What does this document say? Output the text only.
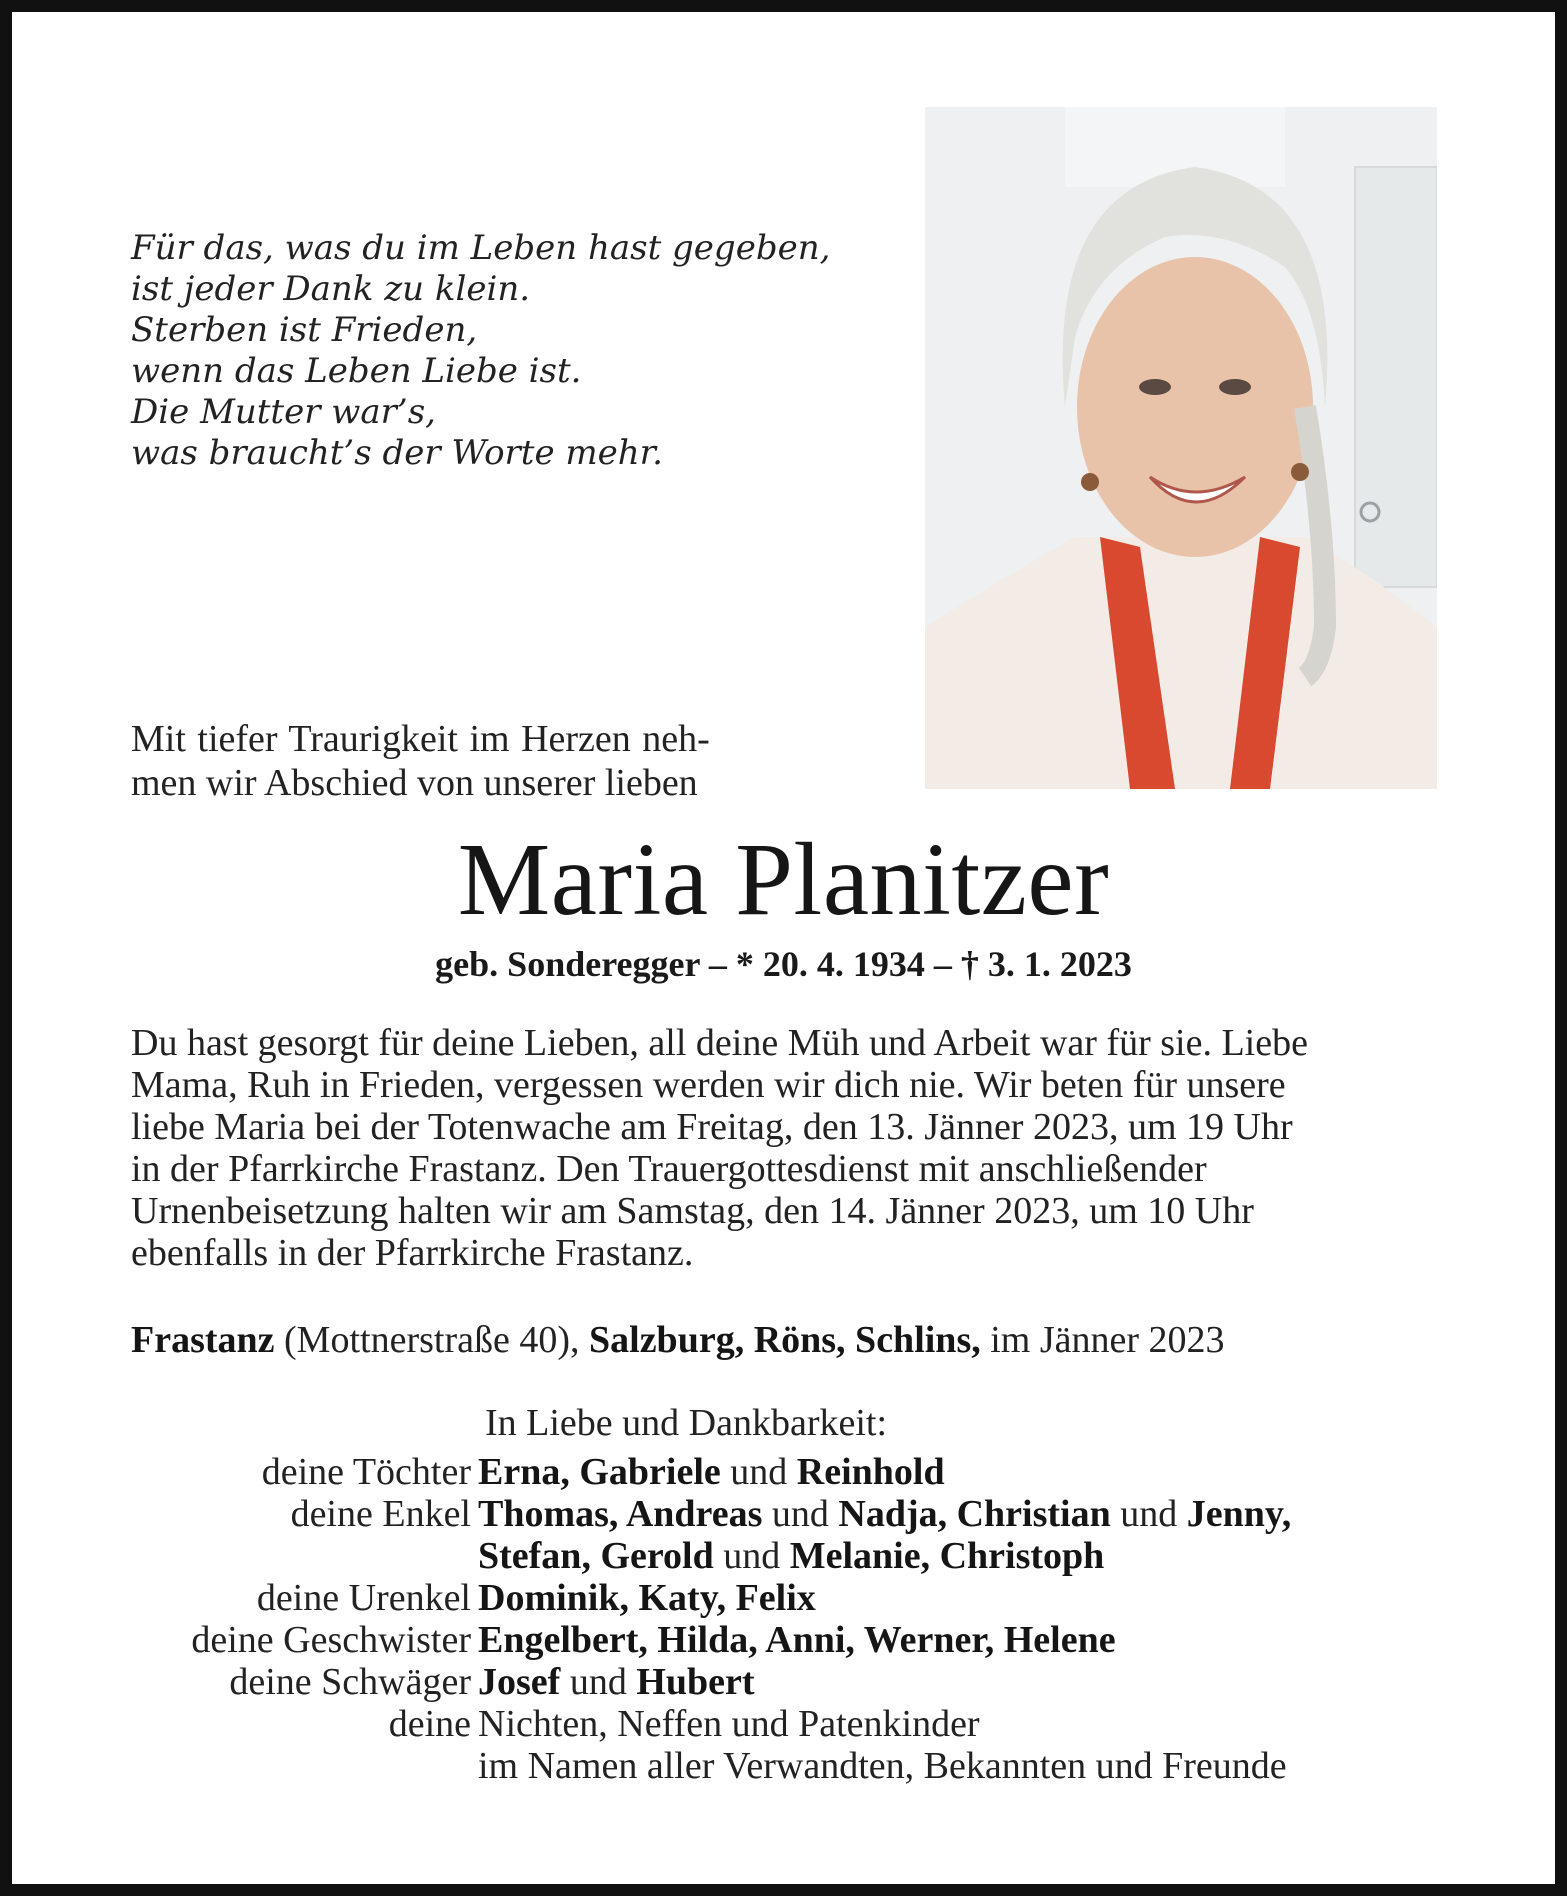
Für das, was du im Leben hast gegeben,
ist jeder Dank zu klein.
Sterben ist Frieden,
wenn das Leben Liebe ist.
Die Mutter war’s,
was braucht’s der Worte mehr.
Mit tiefer Traurigkeit im Herzen neh-
men wir Abschied von unserer lieben
Maria Planitzer
geb. Sonderegger – * 20. 4. 1934 – † 3. 1. 2023
Du hast gesorgt für deine Lieben, all deine Müh und Arbeit war für sie. Liebe
Mama, Ruh in Frieden, vergessen werden wir dich nie. Wir beten für unsere
liebe Maria bei der Totenwache am Freitag, den 13. Jänner 2023, um 19 Uhr
in der Pfarrkirche Frastanz. Den Trauergottesdienst mit anschließender
Urnenbeisetzung halten wir am Samstag, den 14. Jänner 2023, um 10 Uhr
ebenfalls in der Pfarrkirche Frastanz.
Frastanz (Mottnerstraße 40), Salzburg, Röns, Schlins, im Jänner 2023
In Liebe und Dankbarkeit:
deine Töchter Erna, Gabriele und Reinhold
deine Enkel Thomas, Andreas und Nadja, Christian und Jenny,
Stefan, Gerold und Melanie, Christoph
deine Urenkel Dominik, Katy, Felix
deine Geschwister Engelbert, Hilda, Anni, Werner, Helene
deine Schwäger Josef und Hubert
deine Nichten, Neffen und Patenkinder
im Namen aller Verwandten, Bekannten und Freunde
